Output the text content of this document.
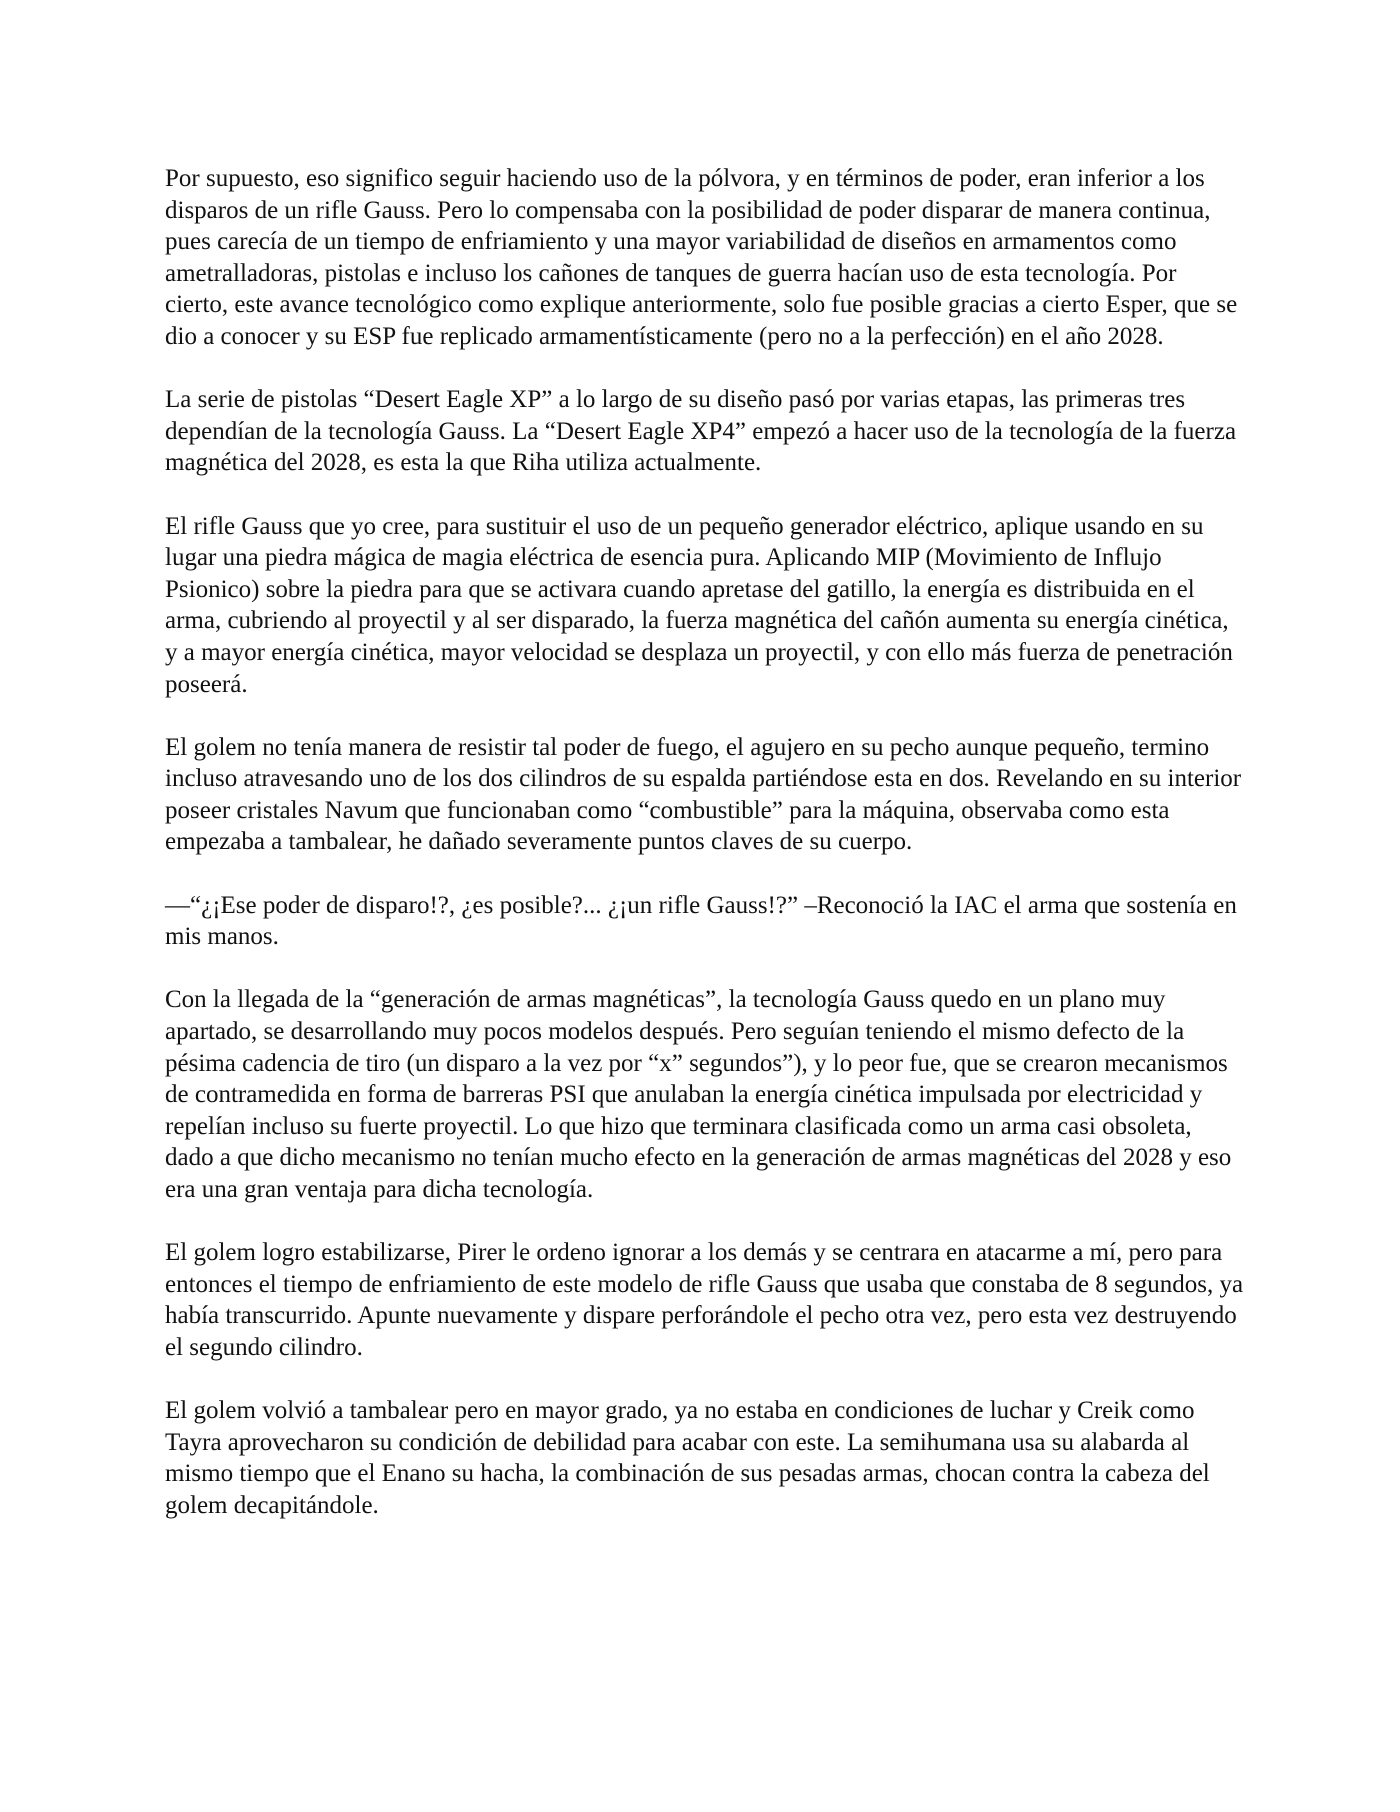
Por supuesto, eso significo seguir haciendo uso de la pólvora, y en términos de poder, eran inferior a los disparos de un rifle Gauss. Pero lo compensaba con la posibilidad de poder disparar de manera continua, pues carecía de un tiempo de enfriamiento y una mayor variabilidad de diseños en armamentos como ametralladoras, pistolas e incluso los cañones de tanques de guerra hacían uso de esta tecnología. Por cierto, este avance tecnológico como explique anteriormente, solo fue posible gracias a cierto Esper, que se dio a conocer y su ESP fue replicado armamentísticamente (pero no a la perfección) en el año 2028.

La serie de pistolas “Desert Eagle XP” a lo largo de su diseño pasó por varias etapas, las primeras tres dependían de la tecnología Gauss. La “Desert Eagle XP4” empezó a hacer uso de la tecnología de la fuerza magnética del 2028, es esta la que Riha utiliza actualmente.

El rifle Gauss que yo cree, para sustituir el uso de un pequeño generador eléctrico, aplique usando en su lugar una piedra mágica de magia eléctrica de esencia pura. Aplicando MIP (Movimiento de Influjo Psionico) sobre la piedra para que se activara cuando apretase del gatillo, la energía es distribuida en el arma, cubriendo al proyectil y al ser disparado, la fuerza magnética del cañón aumenta su energía cinética, y a mayor energía cinética, mayor velocidad se desplaza un proyectil, y con ello más fuerza de penetración poseerá.

El golem no tenía manera de resistir tal poder de fuego, el agujero en su pecho aunque pequeño, termino incluso atravesando uno de los dos cilindros de su espalda partiéndose esta en dos. Revelando en su interior poseer cristales Navum que funcionaban como “combustible” para la máquina, observaba como esta empezaba a tambalear, he dañado severamente puntos claves de su cuerpo.

—“¿¡Ese poder de disparo!?, ¿es posible?... ¿¡un rifle Gauss!?” –Reconoció la IAC el arma que sostenía en mis manos.

Con la llegada de la “generación de armas magnéticas”, la tecnología Gauss quedo en un plano muy apartado, se desarrollando muy pocos modelos después. Pero seguían teniendo el mismo defecto de la pésima cadencia de tiro (un disparo a la vez por “x” segundos”), y lo peor fue, que se crearon mecanismos de contramedida en forma de barreras PSI que anulaban la energía cinética impulsada por electricidad y repelían incluso su fuerte proyectil. Lo que hizo que terminara clasificada como un arma casi obsoleta, dado a que dicho mecanismo no tenían mucho efecto en la generación de armas magnéticas del 2028 y eso era una gran ventaja para dicha tecnología.

El golem logro estabilizarse, Pirer le ordeno ignorar a los demás y se centrara en atacarme a mí, pero para entonces el tiempo de enfriamiento de este modelo de rifle Gauss que usaba que constaba de 8 segundos, ya había transcurrido. Apunte nuevamente y dispare perforándole el pecho otra vez, pero esta vez destruyendo el segundo cilindro.

El golem volvió a tambalear pero en mayor grado, ya no estaba en condiciones de luchar y Creik como Tayra aprovecharon su condición de debilidad para acabar con este. La semihumana usa su alabarda al mismo tiempo que el Enano su hacha, la combinación de sus pesadas armas, chocan contra la cabeza del golem decapitándole.
